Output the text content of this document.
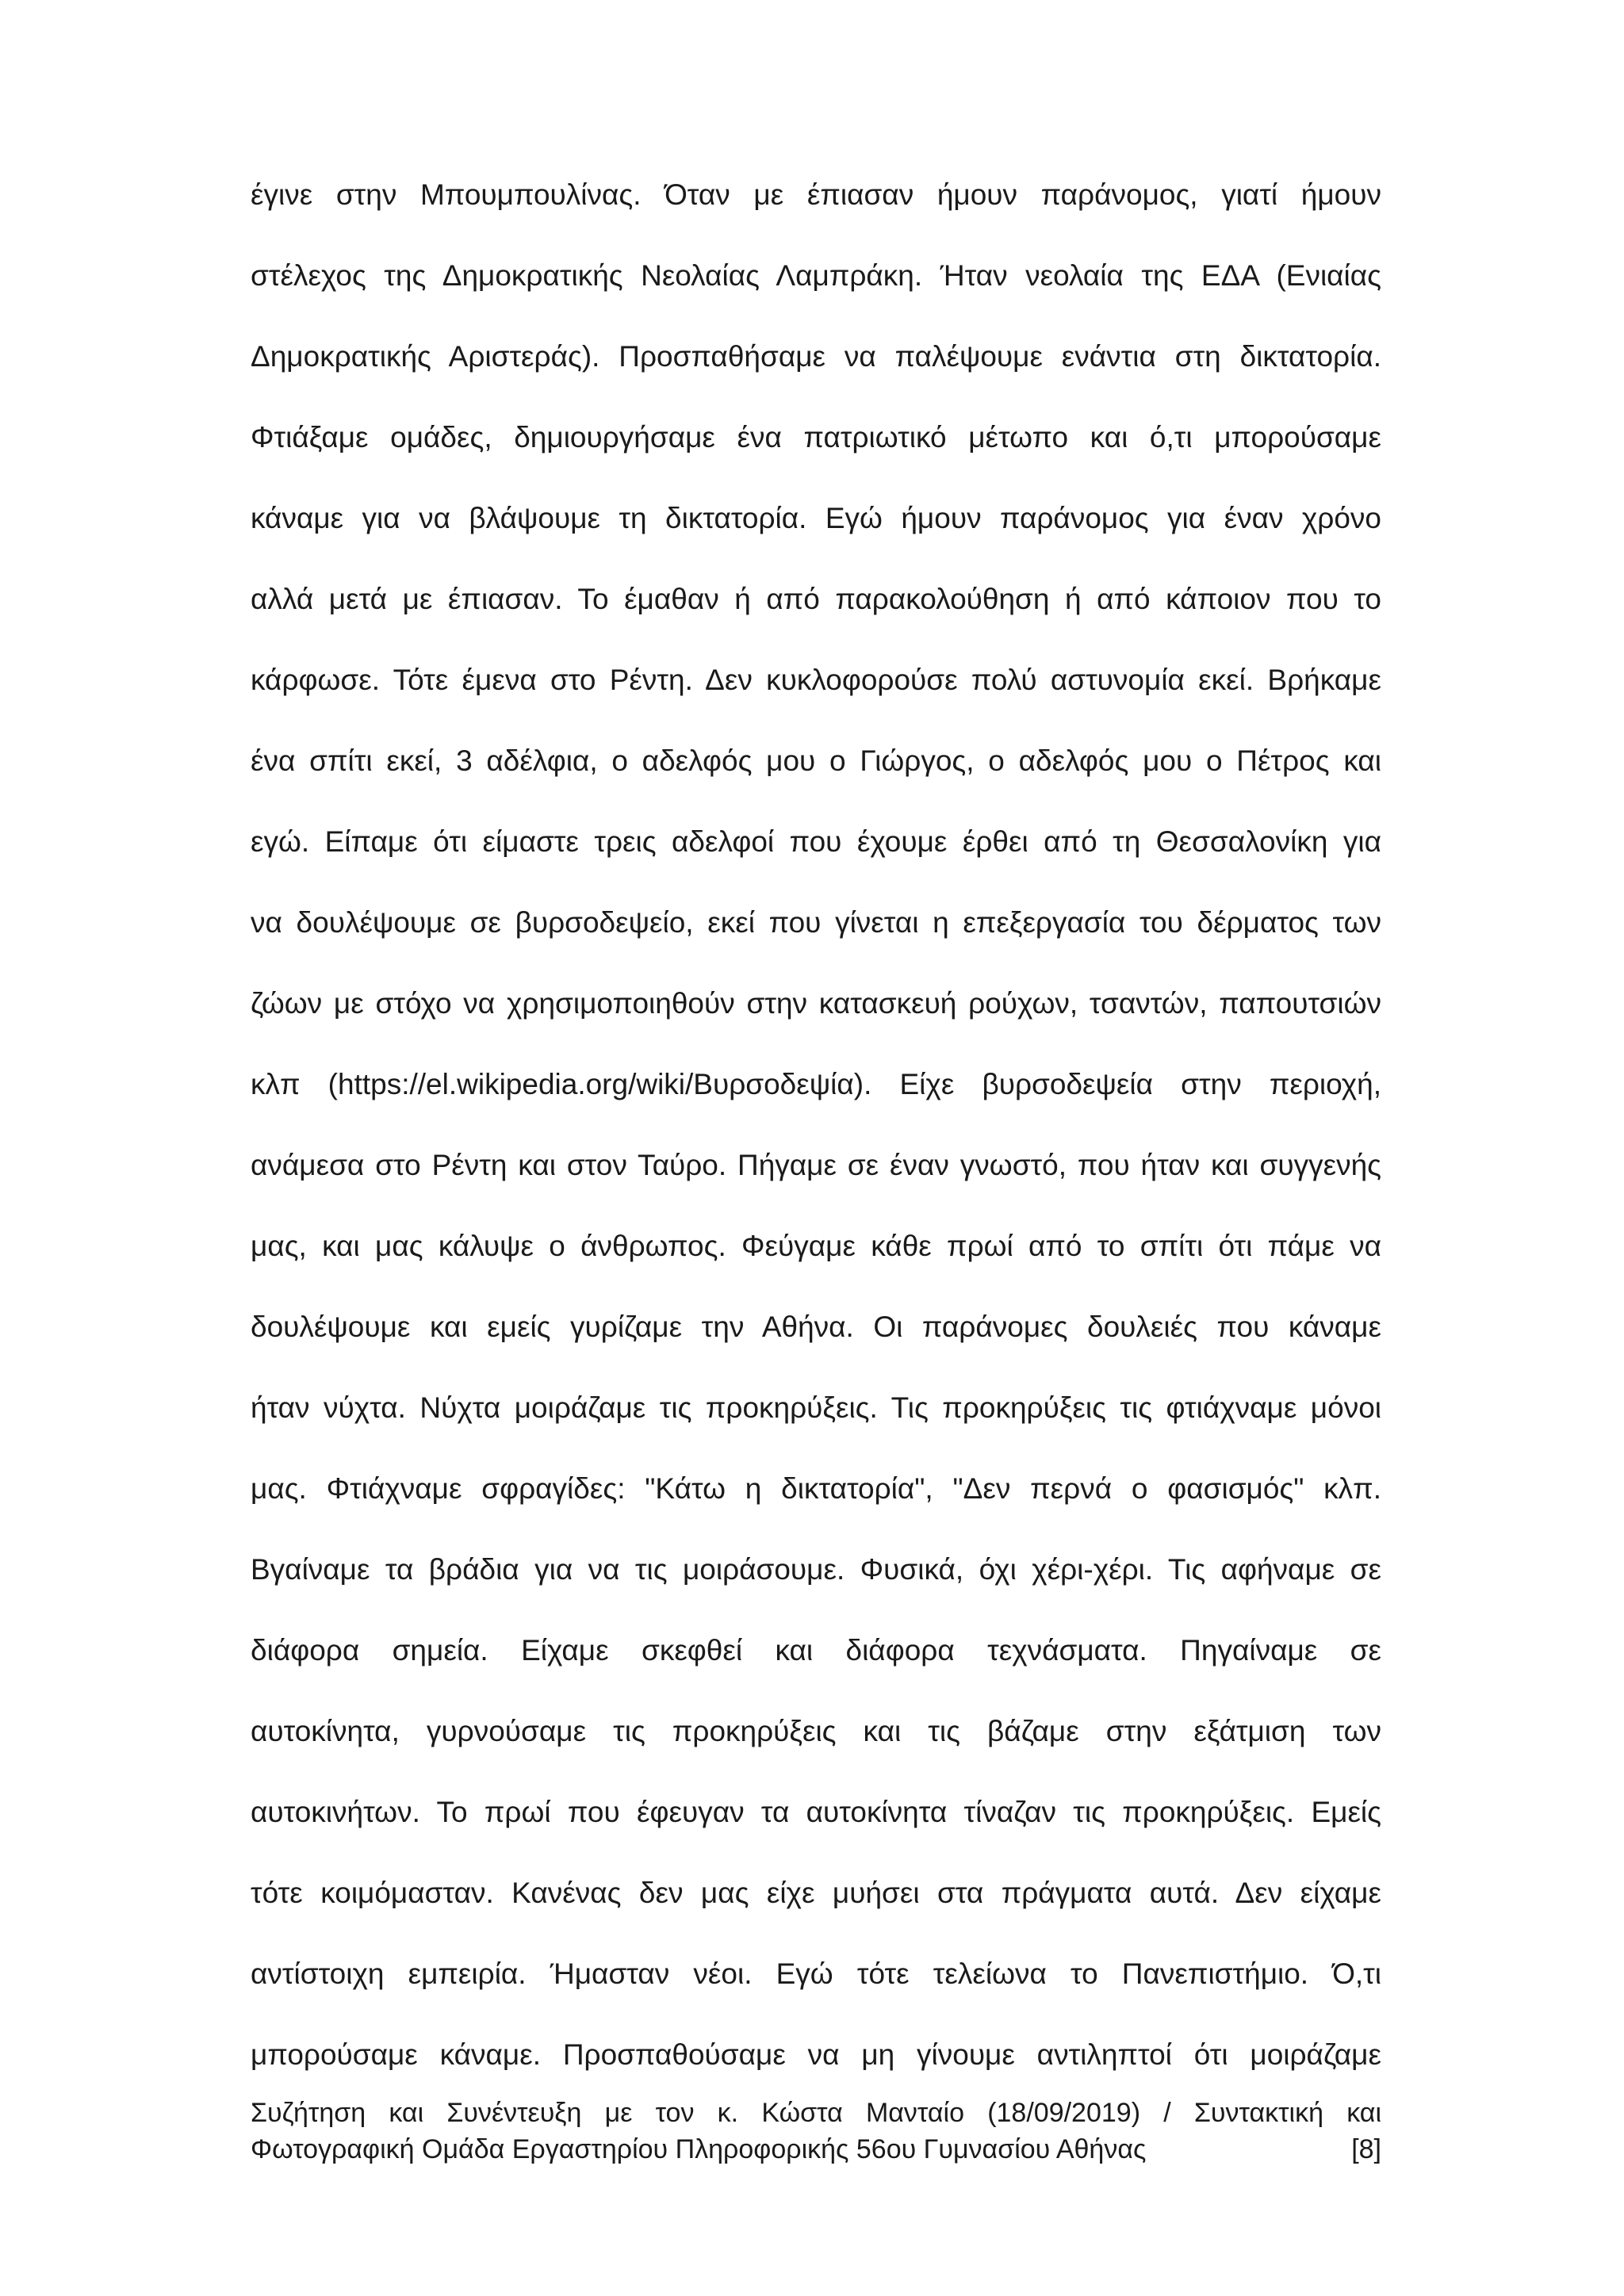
έγινε στην Μπουμπουλίνας. Όταν με έπιασαν ήμουν παράνομος, γιατί ήμουν
στέλεχος της Δημοκρατικής Νεολαίας Λαμπράκη. Ήταν νεολαία της ΕΔΑ (Ενιαίας
Δημοκρατικής Αριστεράς). Προσπαθήσαμε να παλέψουμε ενάντια στη δικτατορία.
Φτιάξαμε ομάδες, δημιουργήσαμε ένα πατριωτικό μέτωπο και ό,τι μπορούσαμε
κάναμε για να βλάψουμε τη δικτατορία. Εγώ ήμουν παράνομος για έναν χρόνο
αλλά μετά με έπιασαν. Το έμαθαν ή από παρακολούθηση ή από κάποιον που το
κάρφωσε. Τότε έμενα στο Ρέντη. Δεν κυκλοφορούσε πολύ αστυνομία εκεί. Βρήκαμε
ένα σπίτι εκεί, 3 αδέλφια, ο αδελφός μου ο Γιώργος, ο αδελφός μου ο Πέτρος και
εγώ. Είπαμε ότι είμαστε τρεις αδελφοί που έχουμε έρθει από τη Θεσσαλονίκη για
να δουλέψουμε σε βυρσοδεψείο, εκεί που γίνεται η επεξεργασία του δέρματος των
ζώων με στόχο να χρησιμοποιηθούν στην κατασκευή ρούχων, τσαντών, παπουτσιών
κλπ (https://el.wikipedia.org/wiki/Βυρσοδεψία). Είχε βυρσοδεψεία στην περιοχή,
ανάμεσα στο Ρέντη και στον Ταύρο. Πήγαμε σε έναν γνωστό, που ήταν και συγγενής
μας, και μας κάλυψε ο άνθρωπος. Φεύγαμε κάθε πρωί από το σπίτι ότι πάμε να
δουλέψουμε και εμείς γυρίζαμε την Αθήνα. Οι παράνομες δουλειές που κάναμε
ήταν νύχτα. Νύχτα μοιράζαμε τις προκηρύξεις. Τις προκηρύξεις τις φτιάχναμε μόνοι
μας. Φτιάχναμε σφραγίδες: "Κάτω η δικτατορία", "Δεν περνά ο φασισμός" κλπ.
Βγαίναμε τα βράδια για να τις μοιράσουμε. Φυσικά, όχι χέρι-χέρι. Τις αφήναμε σε
διάφορα σημεία. Είχαμε σκεφθεί και διάφορα τεχνάσματα. Πηγαίναμε σε
αυτοκίνητα, γυρνούσαμε τις προκηρύξεις και τις βάζαμε στην εξάτμιση των
αυτοκινήτων. Το πρωί που έφευγαν τα αυτοκίνητα τίναζαν τις προκηρύξεις. Εμείς
τότε κοιμόμασταν. Κανένας δεν μας είχε μυήσει στα πράγματα αυτά. Δεν είχαμε
αντίστοιχη εμπειρία. Ήμασταν νέοι. Εγώ τότε τελείωνα το Πανεπιστήμιο. Ό,τι
μπορούσαμε κάναμε. Προσπαθούσαμε να μη γίνουμε αντιληπτοί ότι μοιράζαμε
Συζήτηση και Συνέντευξη με τον κ. Κώστα Μανταίο (18/09/2019) / Συντακτική και
Φωτογραφική Ομάδα Εργαστηρίου Πληροφορικής 56ου Γυμνασίου Αθήνας	[8]
